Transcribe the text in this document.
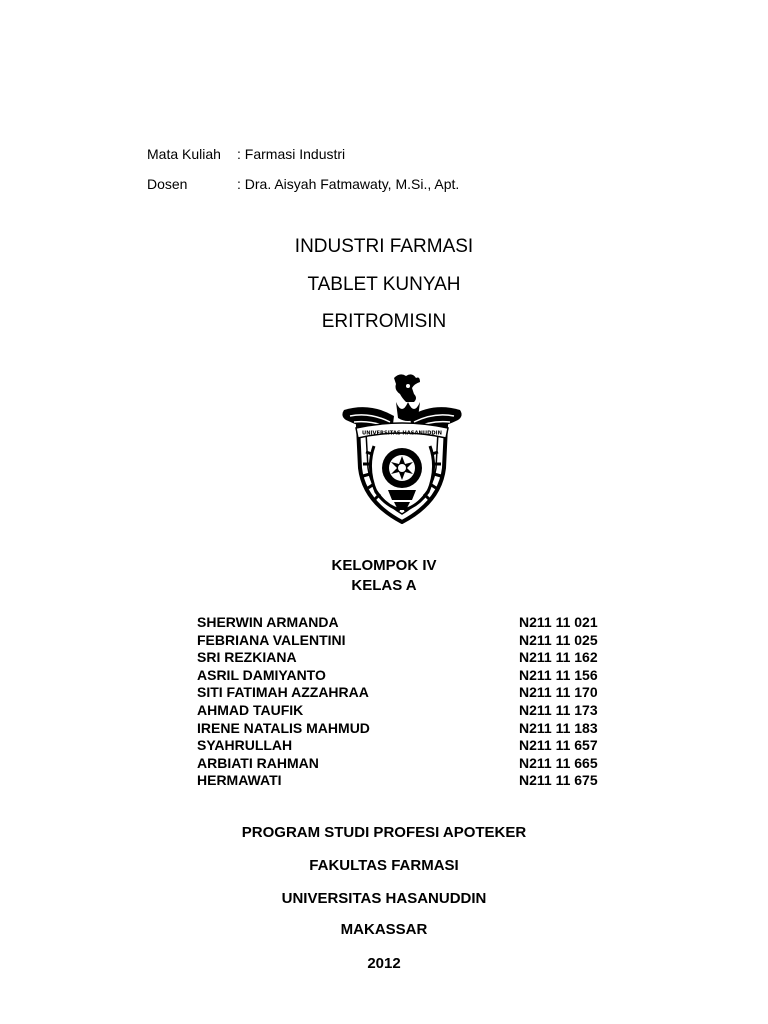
Mata Kuliah : Farmasi Industri
Dosen	: Dra. Aisyah Fatmawaty, M.Si., Apt.
INDUSTRI FARMASI
TABLET KUNYAH
ERITROMISIN
UNIVERSITAS HASANUDDIN
KELOMPOK IV
KELAS A
SHERWIN ARMANDA	N211 11 021
FEBRIANA VALENTINI	N211 11 025
SRI REZKIANA	N211 11 162
ASRIL DAMIYANTO	N211 11 156
SITI FATIMAH AZZAHRAA	N211 11 170
AHMAD TAUFIK	N211 11 173
IRENE NATALIS MAHMUD	N211 11 183
SYAHRULLAH	N211 11 657
ARBIATI RAHMAN	N211 11 665
HERMAWATI	N211 11 675
PROGRAM STUDI PROFESI APOTEKER
FAKULTAS FARMASI
UNIVERSITAS HASANUDDIN
MAKASSAR
2012
